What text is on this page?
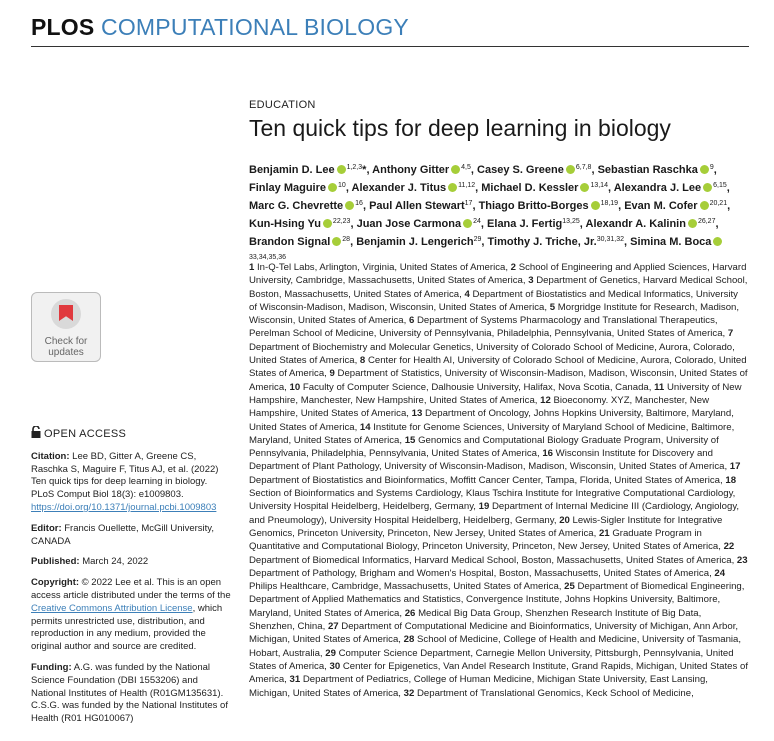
PLOS COMPUTATIONAL BIOLOGY
EDUCATION
Ten quick tips for deep learning in biology
Benjamin D. Lee $^{1,2,3}$*, Anthony Gitter $^{4,5}$, Casey S. Greene $^{6,7,8}$, Sebastian Raschka $^9$, Finlay Maguire $^{10}$, Alexander J. Titus $^{11,12}$, Michael D. Kessler $^{13,14}$, Alexandra J. Lee $^{6,15}$, Marc G. Chevrette $^{16}$, Paul Allen Stewart$^{17}$, Thiago Britto-Borges $^{18,19}$, Evan M. Cofer $^{20,21}$, Kun-Hsing Yu $^{22,23}$, Juan Jose Carmona $^{24}$, Elana J. Fertig$^{13,25}$, Alexandr A. Kalinin $^{26,27}$, Brandon Signal $^{28}$, Benjamin J. Lengerich$^{29}$, Timothy J. Triche, Jr.$^{30,31,32}$, Simina M. Boca$^{33,34,35,36}$
1 In-Q-Tel Labs, Arlington, Virginia, United States of America, 2 School of Engineering and Applied Sciences, Harvard University, Cambridge, Massachusetts, United States of America, 3 Department of Genetics, Harvard Medical School, Boston, Massachusetts, United States of America, 4 Department of Biostatistics and Medical Informatics, University of Wisconsin-Madison, Madison, Wisconsin, United States of America, 5 Morgridge Institute for Research, Madison, Wisconsin, United States of America, 6 Department of Systems Pharmacology and Translational Therapeutics, Perelman School of Medicine, University of Pennsylvania, Philadelphia, Pennsylvania, United States of America, 7 Department of Biochemistry and Molecular Genetics, University of Colorado School of Medicine, Aurora, Colorado, United States of America, 8 Center for Health AI, University of Colorado School of Medicine, Aurora, Colorado, United States of America, 9 Department of Statistics, University of Wisconsin-Madison, Madison, Wisconsin, United States of America, 10 Faculty of Computer Science, Dalhousie University, Halifax, Nova Scotia, Canada, 11 University of New Hampshire, Manchester, New Hampshire, United States of America, 12 Bioeconomy. XYZ, Manchester, New Hampshire, United States of America, 13 Department of Oncology, Johns Hopkins University, Baltimore, Maryland, United States of America, 14 Institute for Genome Sciences, University of Maryland School of Medicine, Baltimore, Maryland, United States of America, 15 Genomics and Computational Biology Graduate Program, University of Pennsylvania, Philadelphia, Pennsylvania, United States of America, 16 Wisconsin Institute for Discovery and Department of Plant Pathology, University of Wisconsin-Madison, Madison, Wisconsin, United States of America, 17 Department of Biostatistics and Bioinformatics, Moffitt Cancer Center, Tampa, Florida, United States of America, 18 Section of Bioinformatics and Systems Cardiology, Klaus Tschira Institute for Integrative Computational Cardiology, University Hospital Heidelberg, Heidelberg, Germany, 19 Department of Internal Medicine III (Cardiology, Angiology, and Pneumology), University Hospital Heidelberg, Heidelberg, Germany, 20 Lewis-Sigler Institute for Integrative Genomics, Princeton University, Princeton, New Jersey, United States of America, 21 Graduate Program in Quantitative and Computational Biology, Princeton University, Princeton, New Jersey, United States of America, 22 Department of Biomedical Informatics, Harvard Medical School, Boston, Massachusetts, United States of America, 23 Department of Pathology, Brigham and Women's Hospital, Boston, Massachusetts, United States of America, 24 Philips Healthcare, Cambridge, Massachusetts, United States of America, 25 Department of Biomedical Engineering, Department of Applied Mathematics and Statistics, Convergence Institute, Johns Hopkins University, Baltimore, Maryland, United States of America, 26 Medical Big Data Group, Shenzhen Research Institute of Big Data, Shenzhen, China, 27 Department of Computational Medicine and Bioinformatics, University of Michigan, Ann Arbor, Michigan, United States of America, 28 School of Medicine, College of Health and Medicine, University of Tasmania, Hobart, Australia, 29 Computer Science Department, Carnegie Mellon University, Pittsburgh, Pennsylvania, United States of America, 30 Center for Epigenetics, Van Andel Research Institute, Grand Rapids, Michigan, United States of America, 31 Department of Pediatrics, College of Human Medicine, Michigan State University, East Lansing, Michigan, United States of America, 32 Department of Translational Genomics, Keck School of Medicine,
Check for
updates
OPEN ACCESS

Citation: Lee BD, Gitter A, Greene CS, Raschka S, Maguire F, Titus AJ, et al. (2022) Ten quick tips for deep learning in biology. PLoS Comput Biol 18(3): e1009803. https://doi.org/10.1371/journal.pcbi.1009803

Editor: Francis Ouellette, McGill University, CANADA

Published: March 24, 2022

Copyright: © 2022 Lee et al. This is an open access article distributed under the terms of the Creative Commons Attribution License, which permits unrestricted use, distribution, and reproduction in any medium, provided the original author and source are credited.

Funding: A.G. was funded by the National Science Foundation (DBI 1553206) and National Institutes of Health (R01GM135631). C.S.G. was funded by the National Institutes of Health (R01 HG010067)
